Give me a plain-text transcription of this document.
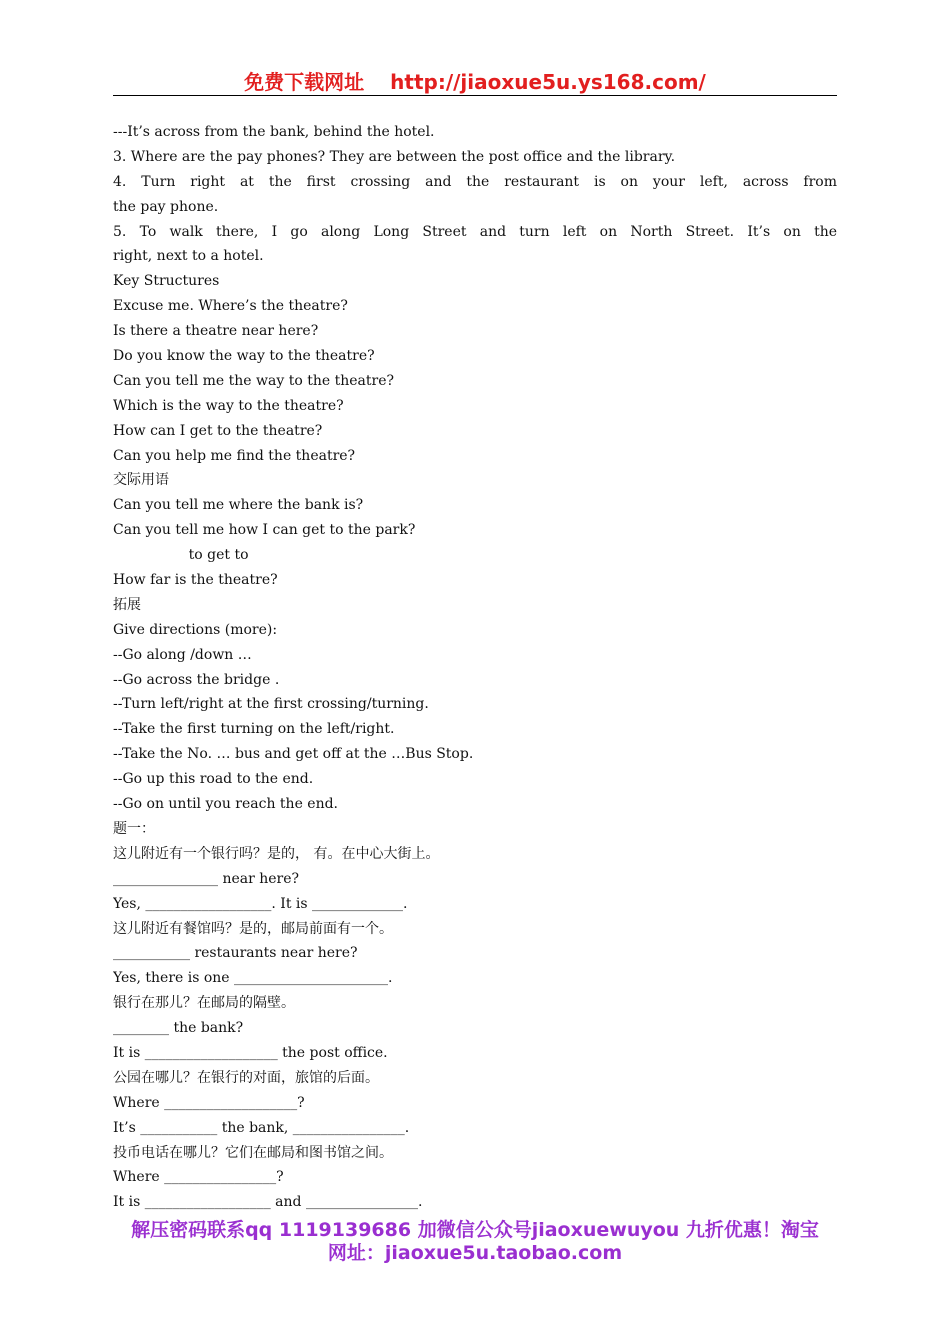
免费下载网址 http://jiaoxue5u.ys168.com/
---It’s across from the bank, behind the hotel.
3. Where are the pay phones? They are between the post office and the library.
4. Turn right at the first crossing and the restaurant is on your left, across from
the pay phone.
5. To walk there, I go along Long Street and turn left on North Street. It’s on the
right, next to a hotel.
Key Structures
Excuse me. Where’s the theatre?
Is there a theatre near here?
Do you know the way to the theatre?
Can you tell me the way to the theatre?
Which is the way to the theatre?
How can I get to the theatre?
Can you help me find the theatre?
交际用语
Can you tell me where the bank is?
Can you tell me how I can get to the park?
to get to
How far is the theatre?
拓展
Give directions (more):
--Go along /down …
--Go across the bridge .
--Turn left/right at the first crossing/turning.
--Take the first turning on the left/right.
--Take the No. … bus and get off at the …Bus Stop.
--Go up this road to the end.
--Go on until you reach the end.
题一：
这儿附近有一个银行吗？是的， 有。在中心大街上。
_______________ near here?
Yes, __________________. It is _____________.
这儿附近有餐馆吗？是的，邮局前面有一个。
___________ restaurants near here?
Yes, there is one ______________________.
银行在那儿？在邮局的隔壁。
________ the bank?
It is ___________________ the post office.
公园在哪儿？在银行的对面，旅馆的后面。
Where ___________________?
It’s ___________ the bank, ________________.
投币电话在哪儿？它们在邮局和图书馆之间。
Where ________________?
It is __________________ and ________________.
解压密码联系qq 1119139686 加微信公众号jiaoxuewuyou 九折优惠！淘宝
网址：jiaoxue5u.taobao.com
